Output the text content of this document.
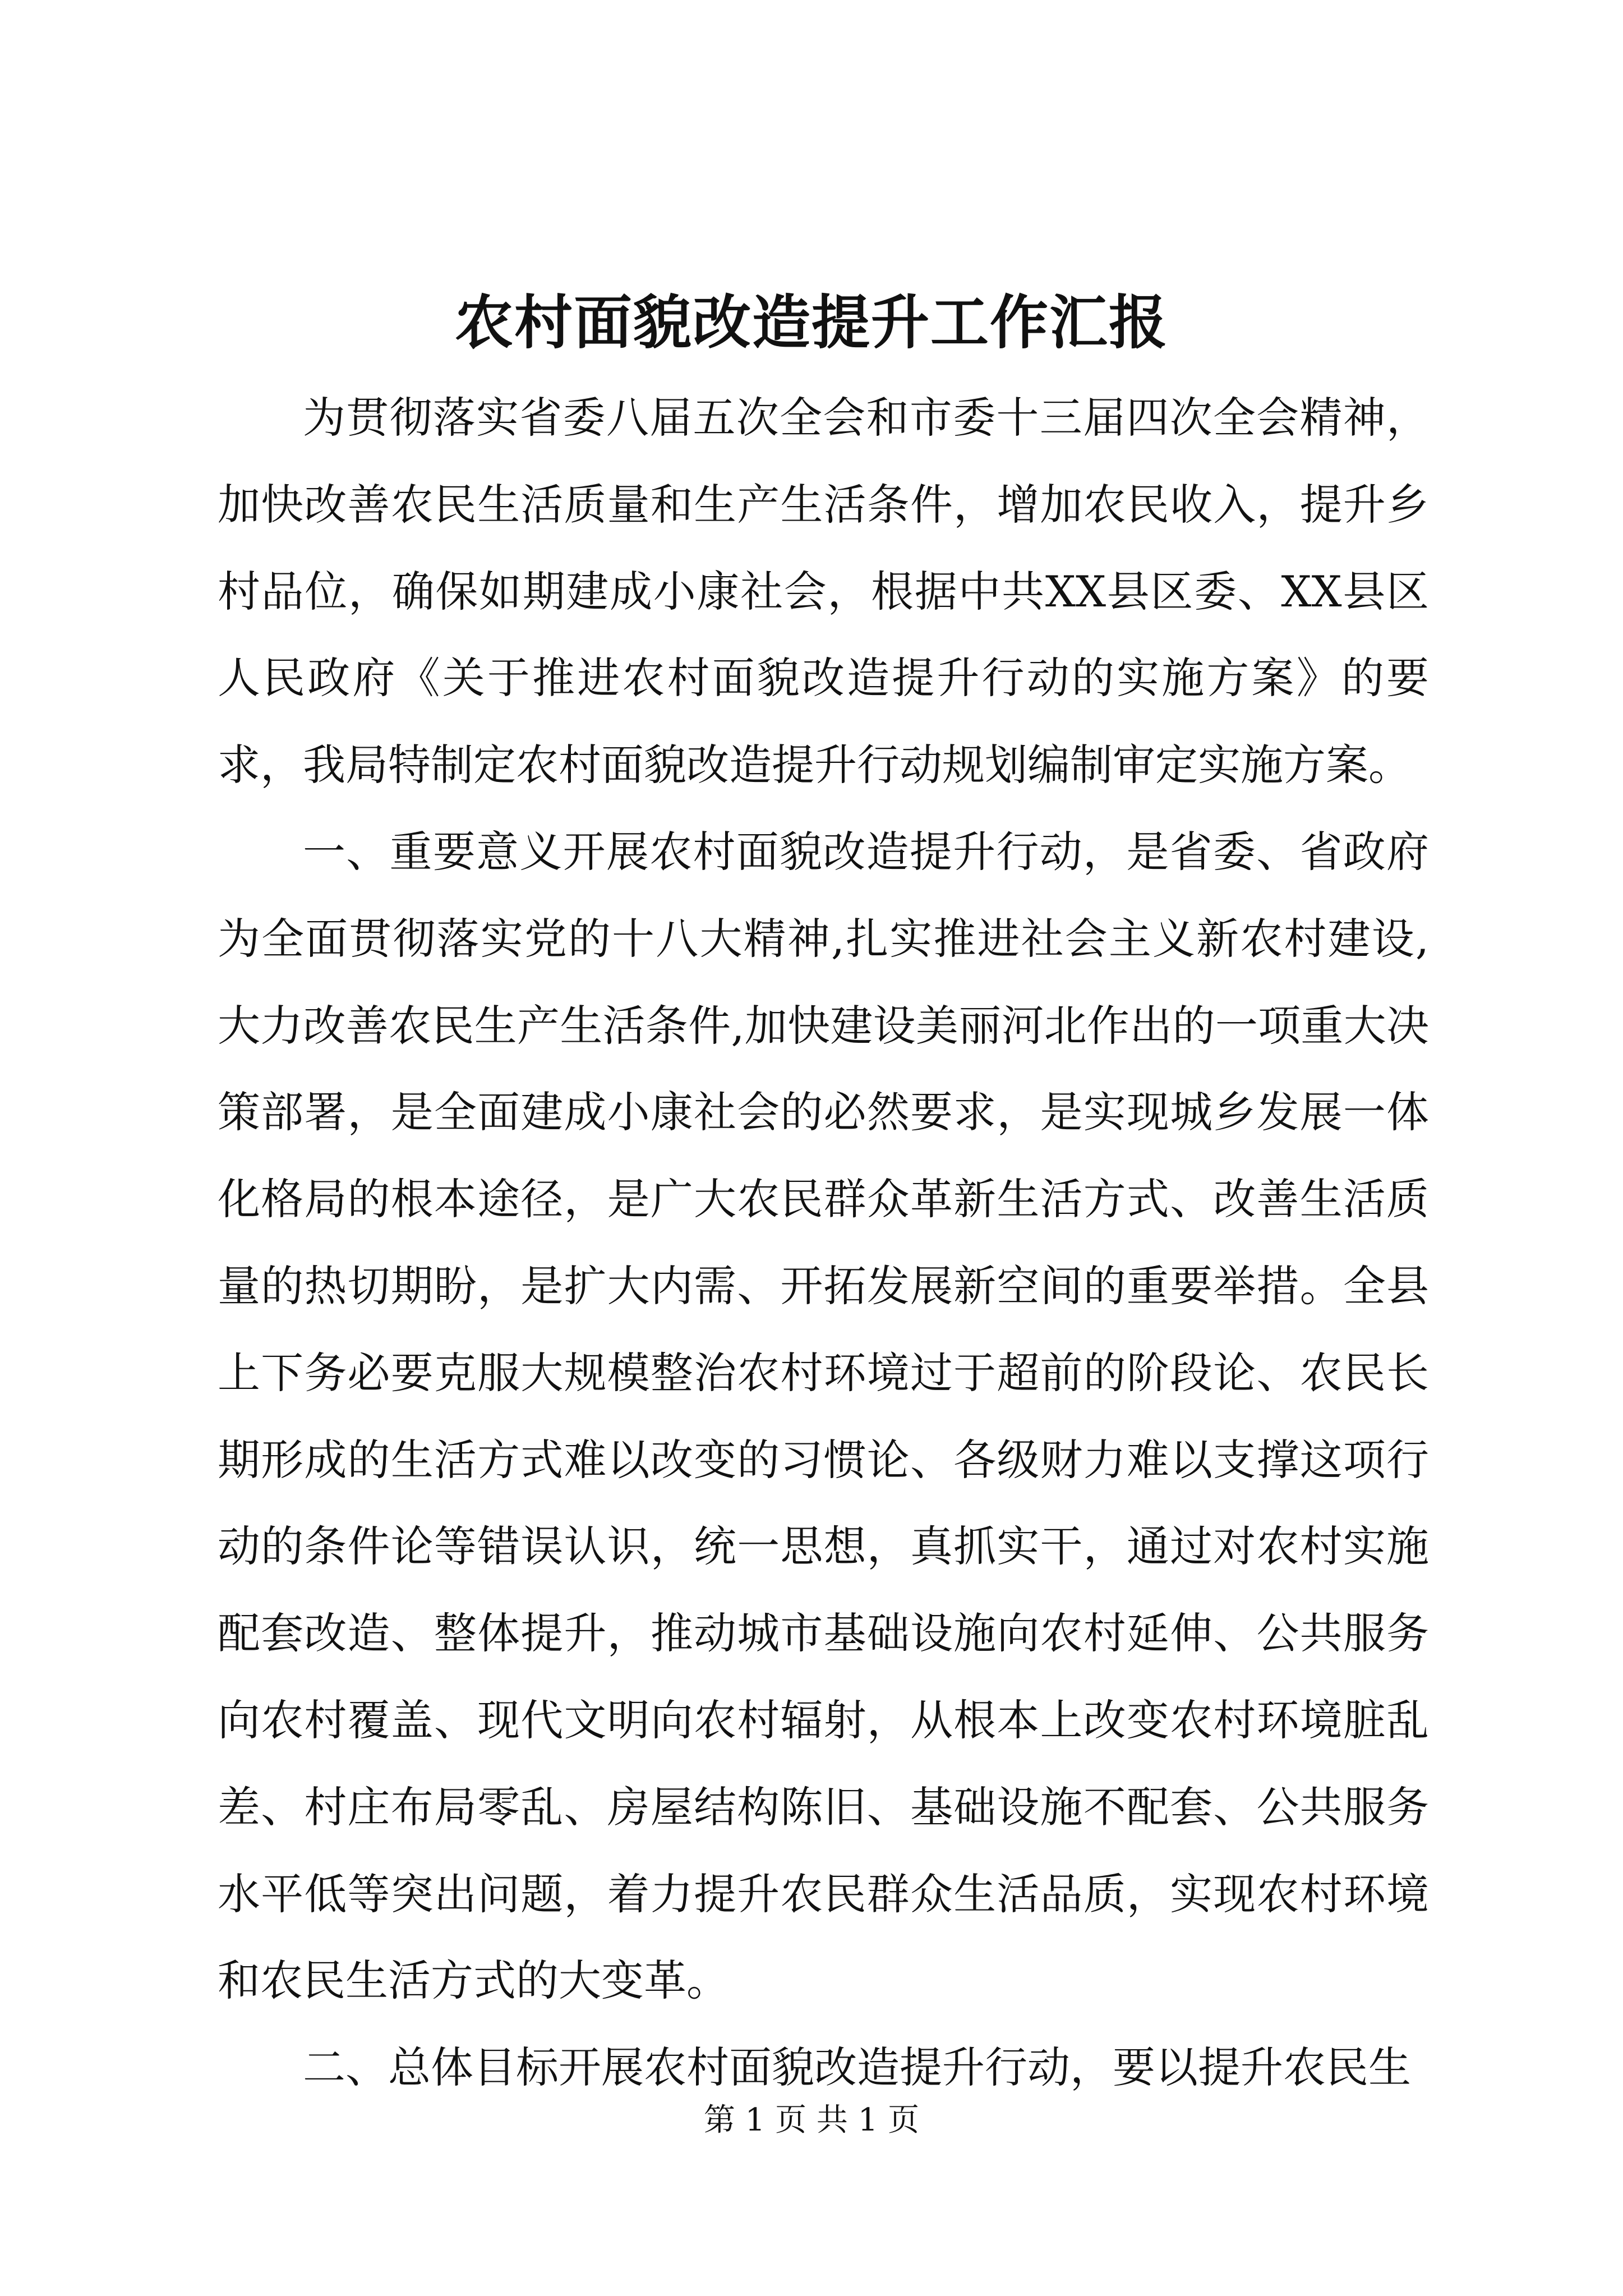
农村面貌改造提升工作汇报

为贯彻落实省委八届五次全会和市委十三届四次全会精神，加快改善农民生活质量和生产生活条件，增加农民收入，提升乡村品位，确保如期建成小康社会，根据中共XX县区委、XX县区人民政府《关于推进农村面貌改造提升行动的实施方案》的要求，我局特制定农村面貌改造提升行动规划编制审定实施方案。

一、重要意义开展农村面貌改造提升行动，是省委、省政府为全面贯彻落实党的十八大精神,扎实推进社会主义新农村建设,大力改善农民生产生活条件,加快建设美丽河北作出的一项重大决策部署，是全面建成小康社会的必然要求，是实现城乡发展一体化格局的根本途径，是广大农民群众革新生活方式、改善生活质量的热切期盼，是扩大内需、开拓发展新空间的重要举措。全县上下务必要克服大规模整治农村环境过于超前的阶段论、农民长期形成的生活方式难以改变的习惯论、各级财力难以支撑这项行动的条件论等错误认识，统一思想，真抓实干，通过对农村实施配套改造、整体提升，推动城市基础设施向农村延伸、公共服务向农村覆盖、现代文明向农村辐射，从根本上改变农村环境脏乱差、村庄布局零乱、房屋结构陈旧、基础设施不配套、公共服务水平低等突出问题，着力提升农民群众生活品质，实现农村环境和农民生活方式的大变革。

二、总体目标开展农村面貌改造提升行动，要以提升农民生

第 1 页 共 1 页
